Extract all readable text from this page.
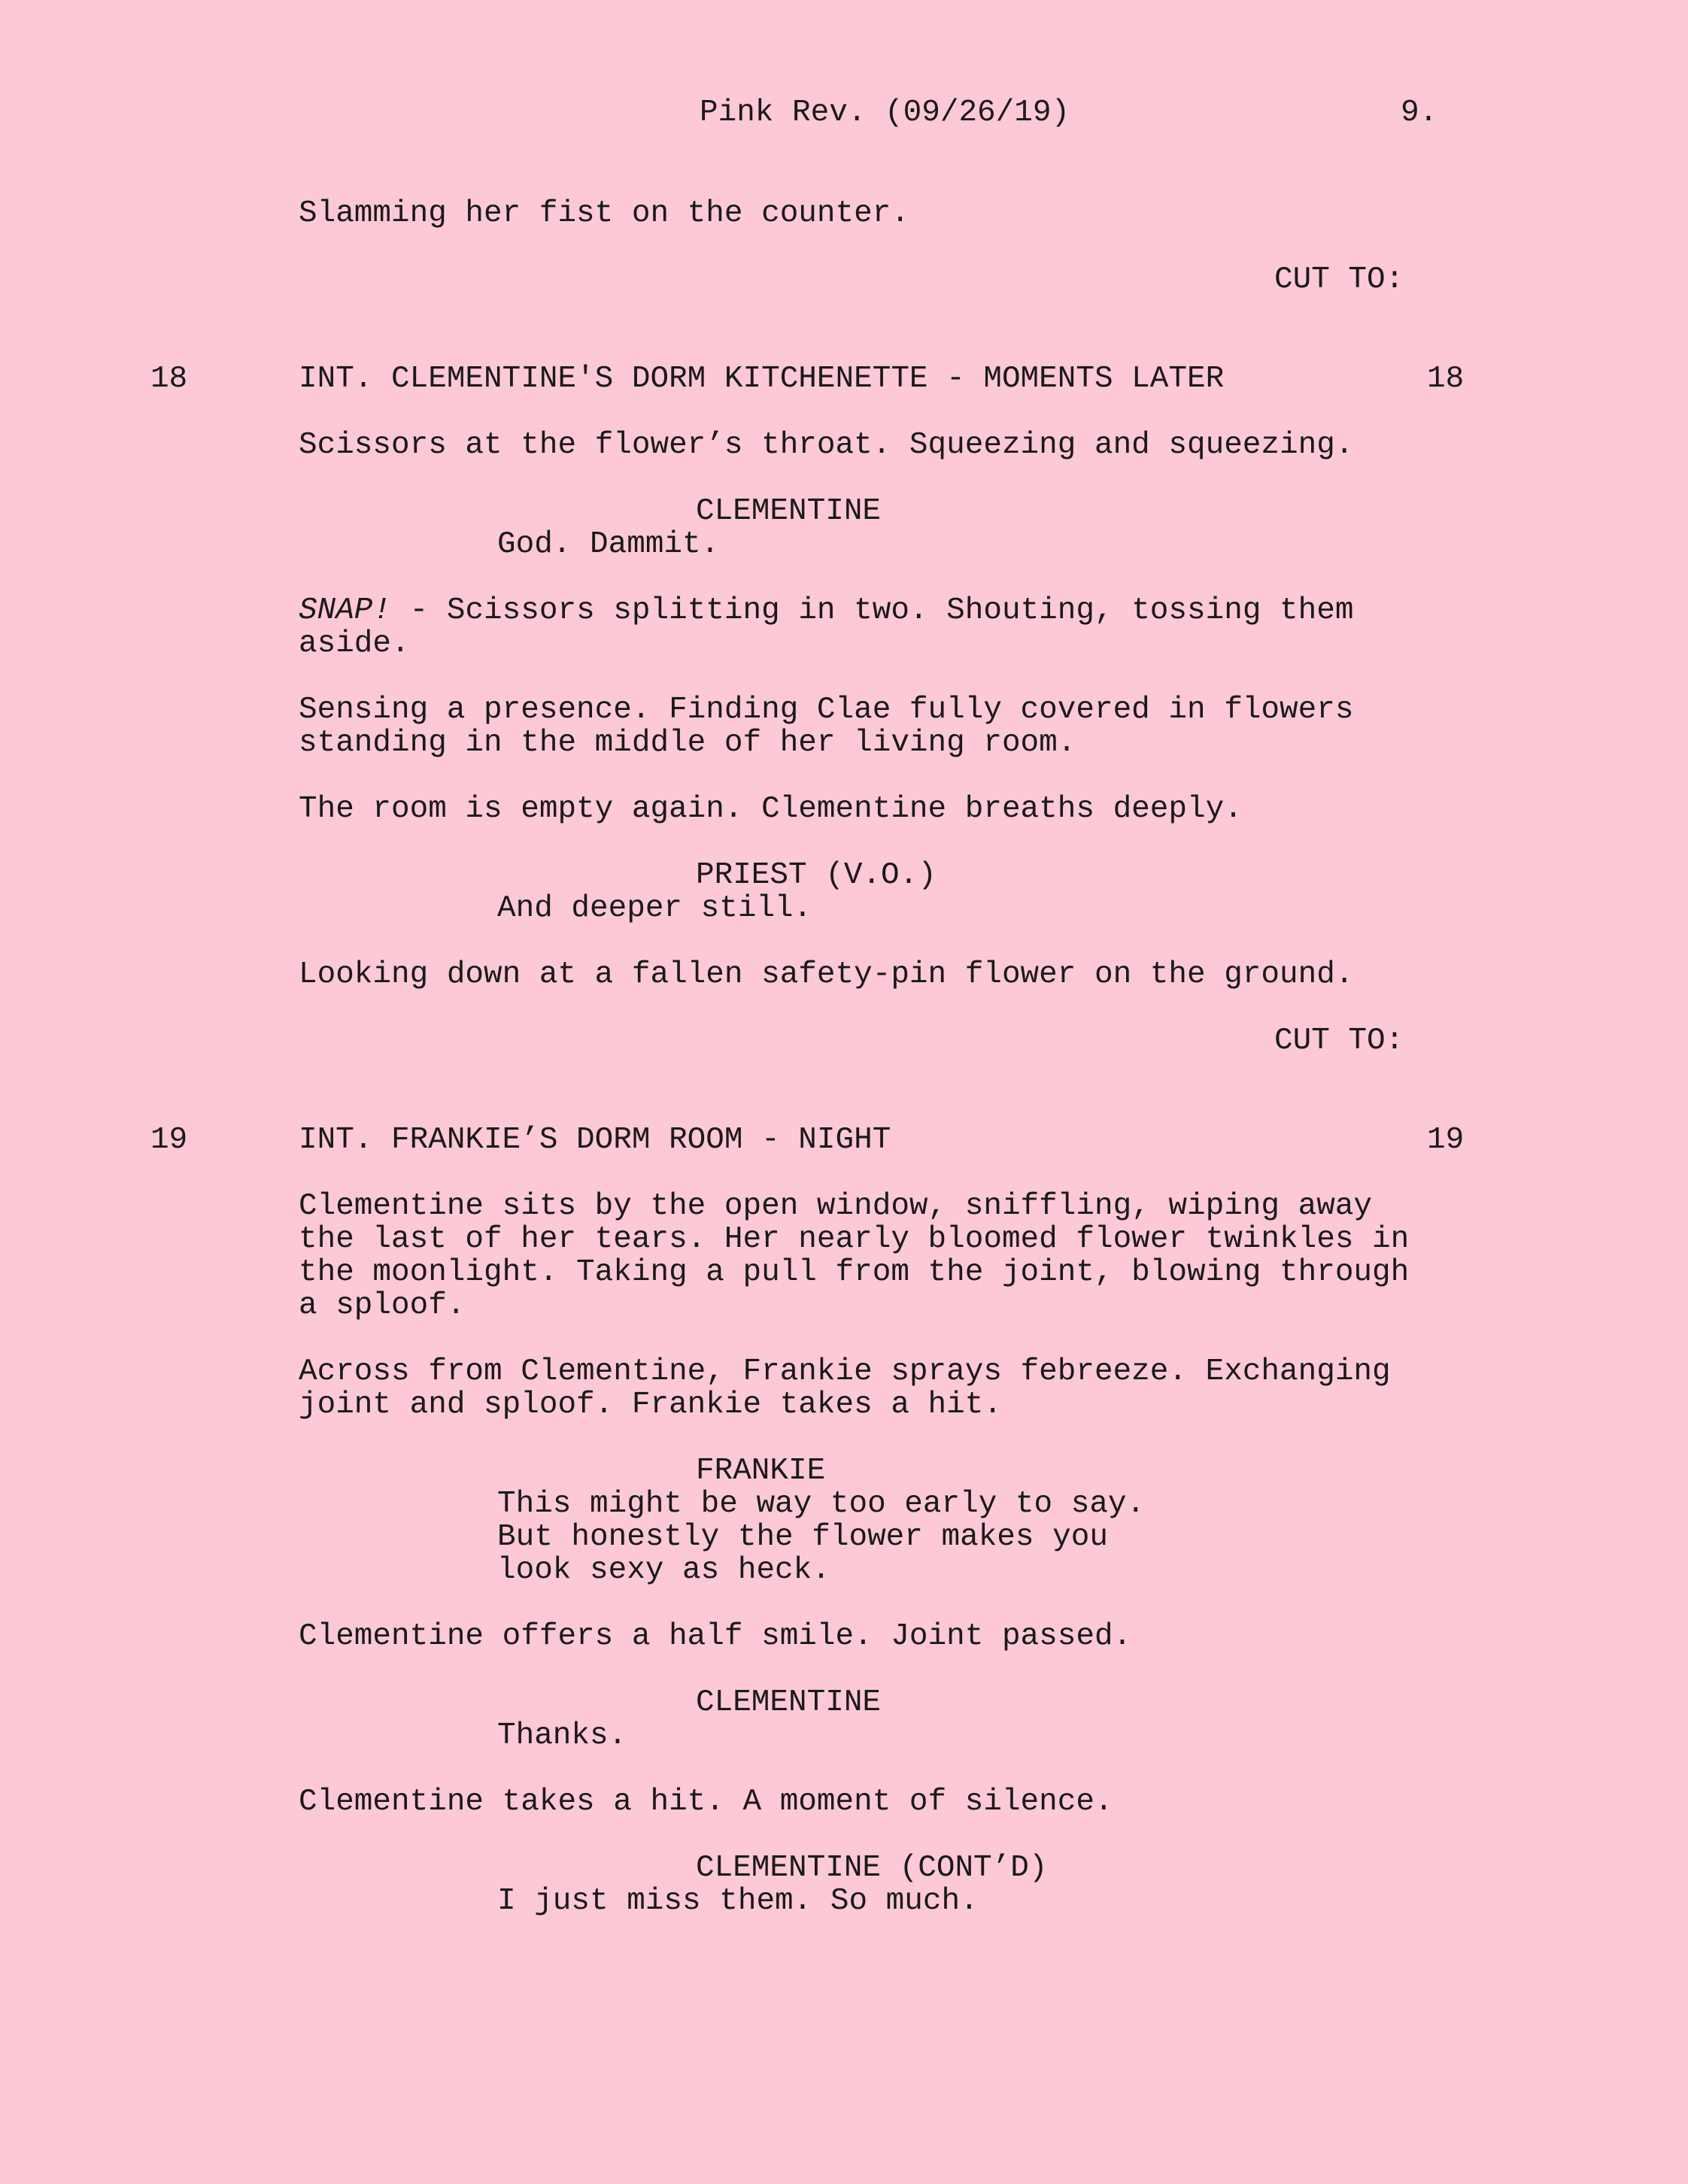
Pink Rev. (09/26/19)	9.
Slamming her fist on the counter.
CUT TO:
18	INT. CLEMENTINE'S DORM KITCHENETTE - MOMENTS LATER	18
Scissors at the flower’s throat. Squeezing and squeezing.
CLEMENTINE
God. Dammit.
SNAP! - Scissors splitting in two. Shouting, tossing them
aside.
Sensing a presence. Finding Clae fully covered in flowers
standing in the middle of her living room.
The room is empty again. Clementine breaths deeply.
PRIEST (V.O.)
And deeper still.
Looking down at a fallen safety-pin flower on the ground.
CUT TO:
19	INT. FRANKIE’S DORM ROOM - NIGHT	19
Clementine sits by the open window, sniffling, wiping away
the last of her tears. Her nearly bloomed flower twinkles in
the moonlight. Taking a pull from the joint, blowing through
a sploof.
Across from Clementine, Frankie sprays febreeze. Exchanging
joint and sploof. Frankie takes a hit.
FRANKIE
This might be way too early to say.
But honestly the flower makes you
look sexy as heck.
Clementine offers a half smile. Joint passed.
CLEMENTINE
Thanks.
Clementine takes a hit. A moment of silence.
CLEMENTINE (CONT’D)
I just miss them. So much.
